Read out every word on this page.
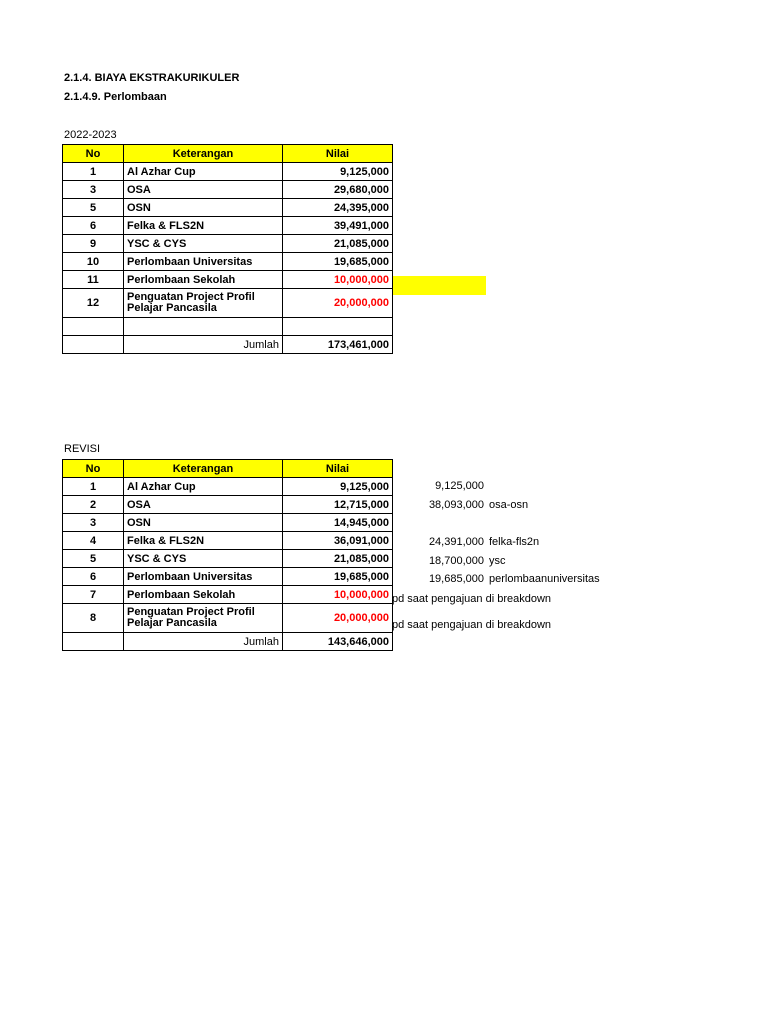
2.1.4. BIAYA EKSTRAKURIKULER
2.1.4.9. Perlombaan
2022-2023
No	Keterangan	Nilai
1	Al Azhar Cup	9,125,000
3	OSA	29,680,000
5	OSN	24,395,000
6	Felka & FLS2N	39,491,000
9	YSC & CYS	21,085,000
10	Perlombaan Universitas	19,685,000
11	Perlombaan Sekolah	10,000,000
12	Penguatan Project Profil Pelajar Pancasila	20,000,000

	Jumlah	173,461,000
REVISI
No	Keterangan	Nilai
1	Al Azhar Cup	9,125,000
2	OSA	12,715,000
3	OSN	14,945,000
4	Felka & FLS2N	36,091,000
5	YSC & CYS	21,085,000
6	Perlombaan Universitas	19,685,000
7	Perlombaan Sekolah	10,000,000
8	Penguatan Project Profil Pelajar Pancasila	20,000,000
	Jumlah	143,646,000
9,125,000
38,093,000 osa-osn
24,391,000 felka-fls2n
18,700,000 ysc
19,685,000 perlombaanuniversitas
pd saat pengajuan di breakdown
pd saat pengajuan di breakdown
